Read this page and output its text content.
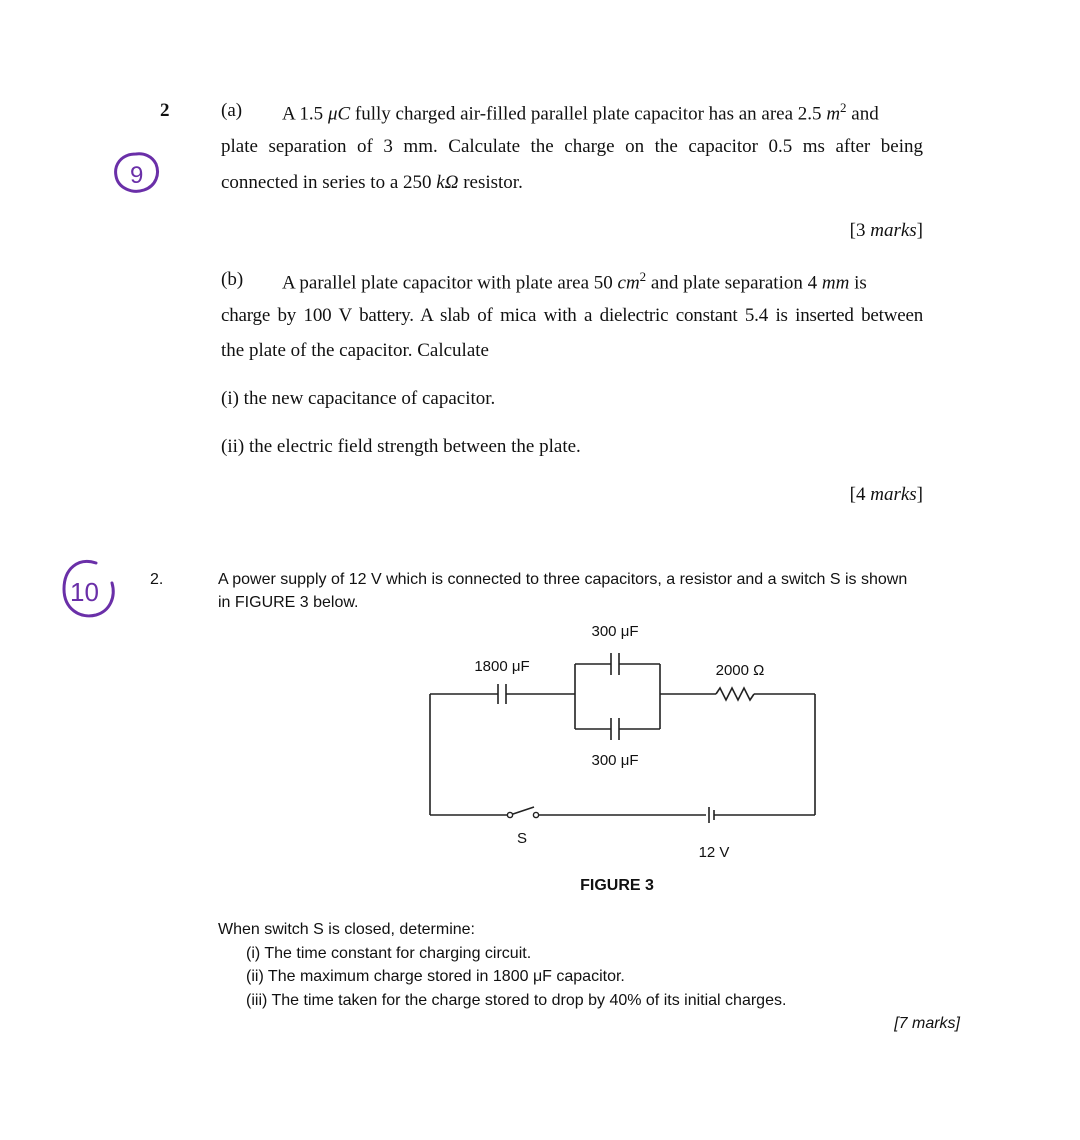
2
9
(a) A 1.5 μC fully charged air-filled parallel plate capacitor has an area 2.5 $m^2$ and
plate separation of 3 mm. Calculate the charge on the capacitor 0.5 ms after being
connected in series to a 250 kΩ resistor.
[3 marks]
(b) A parallel plate capacitor with plate area 50 $cm^2$ and plate separation 4 mm is
charge by 100 V battery. A slab of mica with a dielectric constant 5.4 is inserted between
the plate of the capacitor. Calculate
(i) the new capacitance of capacitor.
(ii) the electric field strength between the plate.
[4 marks]
10	2.	A power supply of 12 V which is connected to three capacitors, a resistor and a switch S is shown
in FIGURE 3 below.
300 μF
1800 μF	2000 Ω
300 μF
S
12 V
FIGURE 3
When switch S is closed, determine:
(i) The time constant for charging circuit.
(ii) The maximum charge stored in 1800 μF capacitor.
(iii) The time taken for the charge stored to drop by 40% of its initial charges.
[7 marks]
